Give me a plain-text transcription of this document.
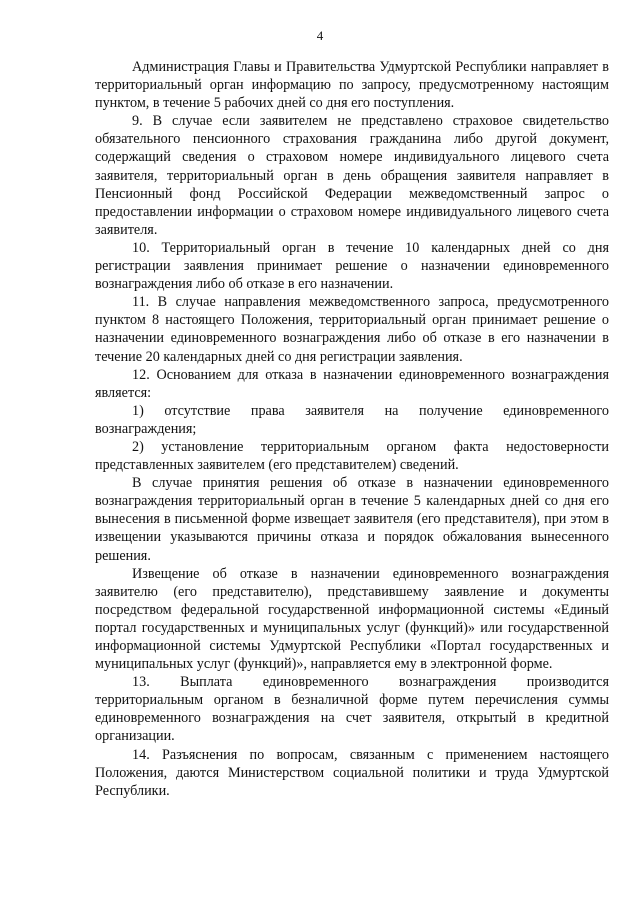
4

Администрация Главы и Правительства Удмуртской Республики направляет в территориальный орган информацию по запросу, предусмотренному настоящим пунктом, в течение 5 рабочих дней со дня его поступления.

9. В случае если заявителем не представлено страховое свидетельство обязательного пенсионного страхования гражданина либо другой документ, содержащий сведения о страховом номере индивидуального лицевого счета заявителя, территориальный орган в день обращения заявителя направляет в Пенсионный фонд Российской Федерации межведомственный запрос о предоставлении информации о страховом номере индивидуального лицевого счета заявителя.

10. Территориальный орган в течение 10 календарных дней со дня регистрации заявления принимает решение о назначении единовременного вознаграждения либо об отказе в его назначении.

11. В случае направления межведомственного запроса, предусмотренного пунктом 8 настоящего Положения, территориальный орган принимает решение о назначении единовременного вознаграждения либо об отказе в его назначении в течение 20 календарных дней со дня регистрации заявления.

12. Основанием для отказа в назначении единовременного вознаграждения является:

1) отсутствие права заявителя на получение единовременного вознаграждения;

2) установление территориальным органом факта недостоверности представленных заявителем (его представителем) сведений.

В случае принятия решения об отказе в назначении единовременного вознаграждения территориальный орган в течение 5 календарных дней со дня его вынесения в письменной форме извещает заявителя (его представителя), при этом в извещении указываются причины отказа и порядок обжалования вынесенного решения.

Извещение об отказе в назначении единовременного вознаграждения заявителю (его представителю), представившему заявление и документы посредством федеральной государственной информационной системы «Единый портал государственных и муниципальных услуг (функций)» или государственной информационной системы Удмуртской Республики «Портал государственных и муниципальных услуг (функций)», направляется ему в электронной форме.

13. Выплата единовременного вознаграждения производится территориальным органом в безналичной форме путем перечисления суммы единовременного вознаграждения на счет заявителя, открытый в кредитной организации.

14. Разъяснения по вопросам, связанным с применением настоящего Положения, даются Министерством социальной политики и труда Удмуртской Республики.
